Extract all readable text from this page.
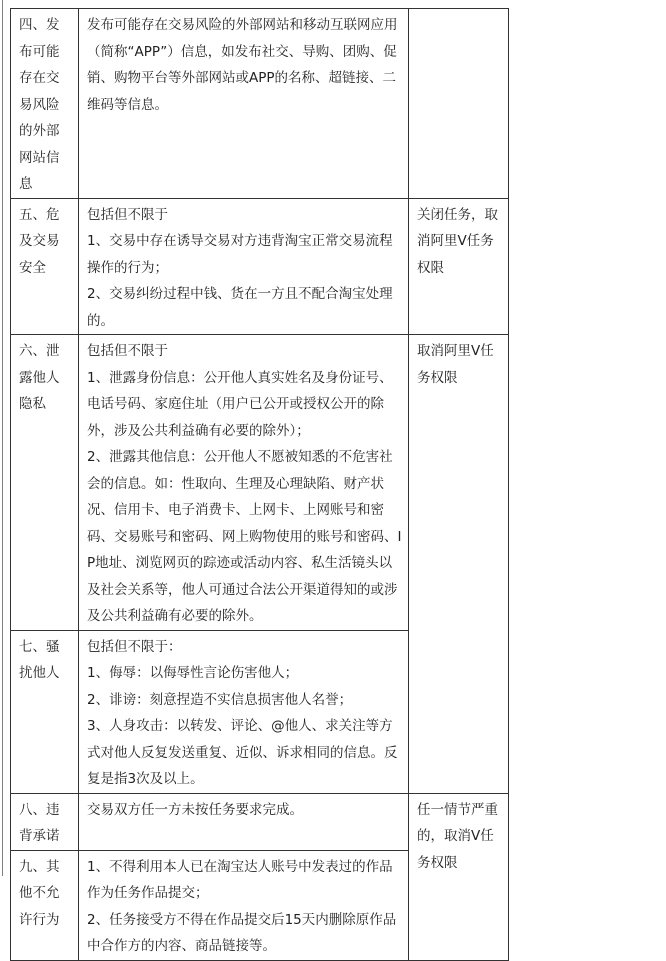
四、发布可能存在交易风险的外部网站信息	发布可能存在交易风险的外部网站和移动互联网应用（简称“APP”）信息，如发布社交、导购、团购、促销、购物平台等外部网站或APP的名称、超链接、二维码等信息。	

五、危及交易安全	包括但不限于
1、交易中存在诱导交易对方违背淘宝正常交易流程操作的行为；
2、交易纠纷过程中钱、货在一方且不配合淘宝处理的。	关闭任务，取消阿里V任务权限
六、泄露他人隐私	包括但不限于
1、泄露身份信息：公开他人真实姓名及身份证号、电话号码、家庭住址（用户已公开或授权公开的除外，涉及公共利益确有必要的除外）；
2、泄露其他信息：公开他人不愿被知悉的不危害社会的信息。如：性取向、生理及心理缺陷、财产状况、信用卡、电子消费卡、上网卡、上网账号和密码、交易账号和密码、网上购物使用的账号和密码、IP地址、浏览网页的踪迹或活动内容、私生活镜头以及社会关系等，他人可通过合法公开渠道得知的或涉及公共利益确有必要的除外。	取消阿里V任务权限
七、骚扰他人	包括但不限于：
1、侮辱：以侮辱性言论伤害他人；
2、诽谤：刻意捏造不实信息损害他人名誉；
3、人身攻击：以转发、评论、@他人、求关注等方式对他人反复发送重复、近似、诉求相同的信息。反复是指3次及以上。	

八、违背承诺	交易双方任一方未按任务要求完成。	任一情节严重的，取消V任务权限
九、其他不允许行为	1、不得利用本人已在淘宝达人账号中发表过的作品作为任务作品提交；
2、任务接受方不得在作品提交后15天内删除原作品中合作方的内容、商品链接等。	
